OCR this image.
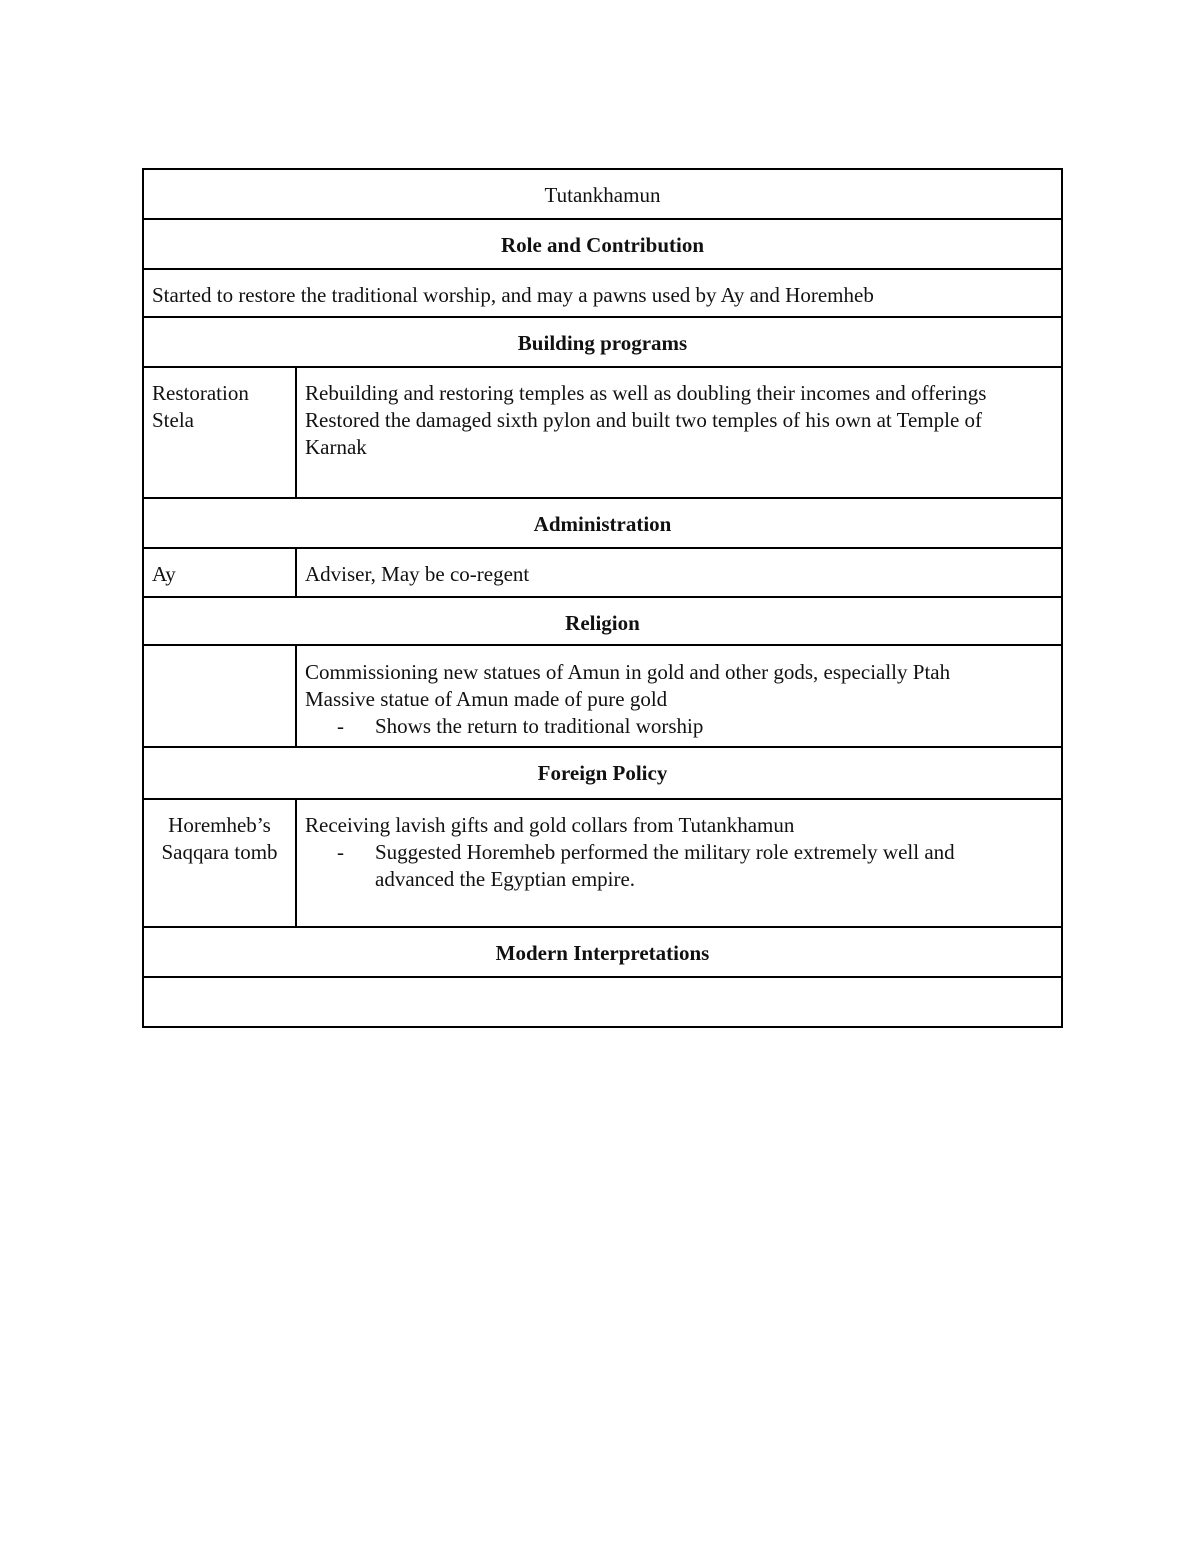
Tutankhamun	
Role and Contribution	
Started to restore the traditional worship, and may a pawns used by Ay and Horemheb	
Building programs	

Restoration
Stela	Rebuilding and restoring temples as well as doubling their incomes and offerings
Restored the damaged sixth pylon and built two temples of his own at Temple of Karnak

Administration	
Ay	Adviser, May be co-regent
Religion	

	Commissioning new statues of Amun in gold and other gods, especially Ptah
Massive statue of Amun made of pure gold
- Shows the return to traditional worship

Foreign Policy	

Horemheb’s
Saqqara tomb	Receiving lavish gifts and gold collars from Tutankhamun
- Suggested Horemheb performed the military role extremely well and advanced the Egyptian empire.

Modern Interpretations	
